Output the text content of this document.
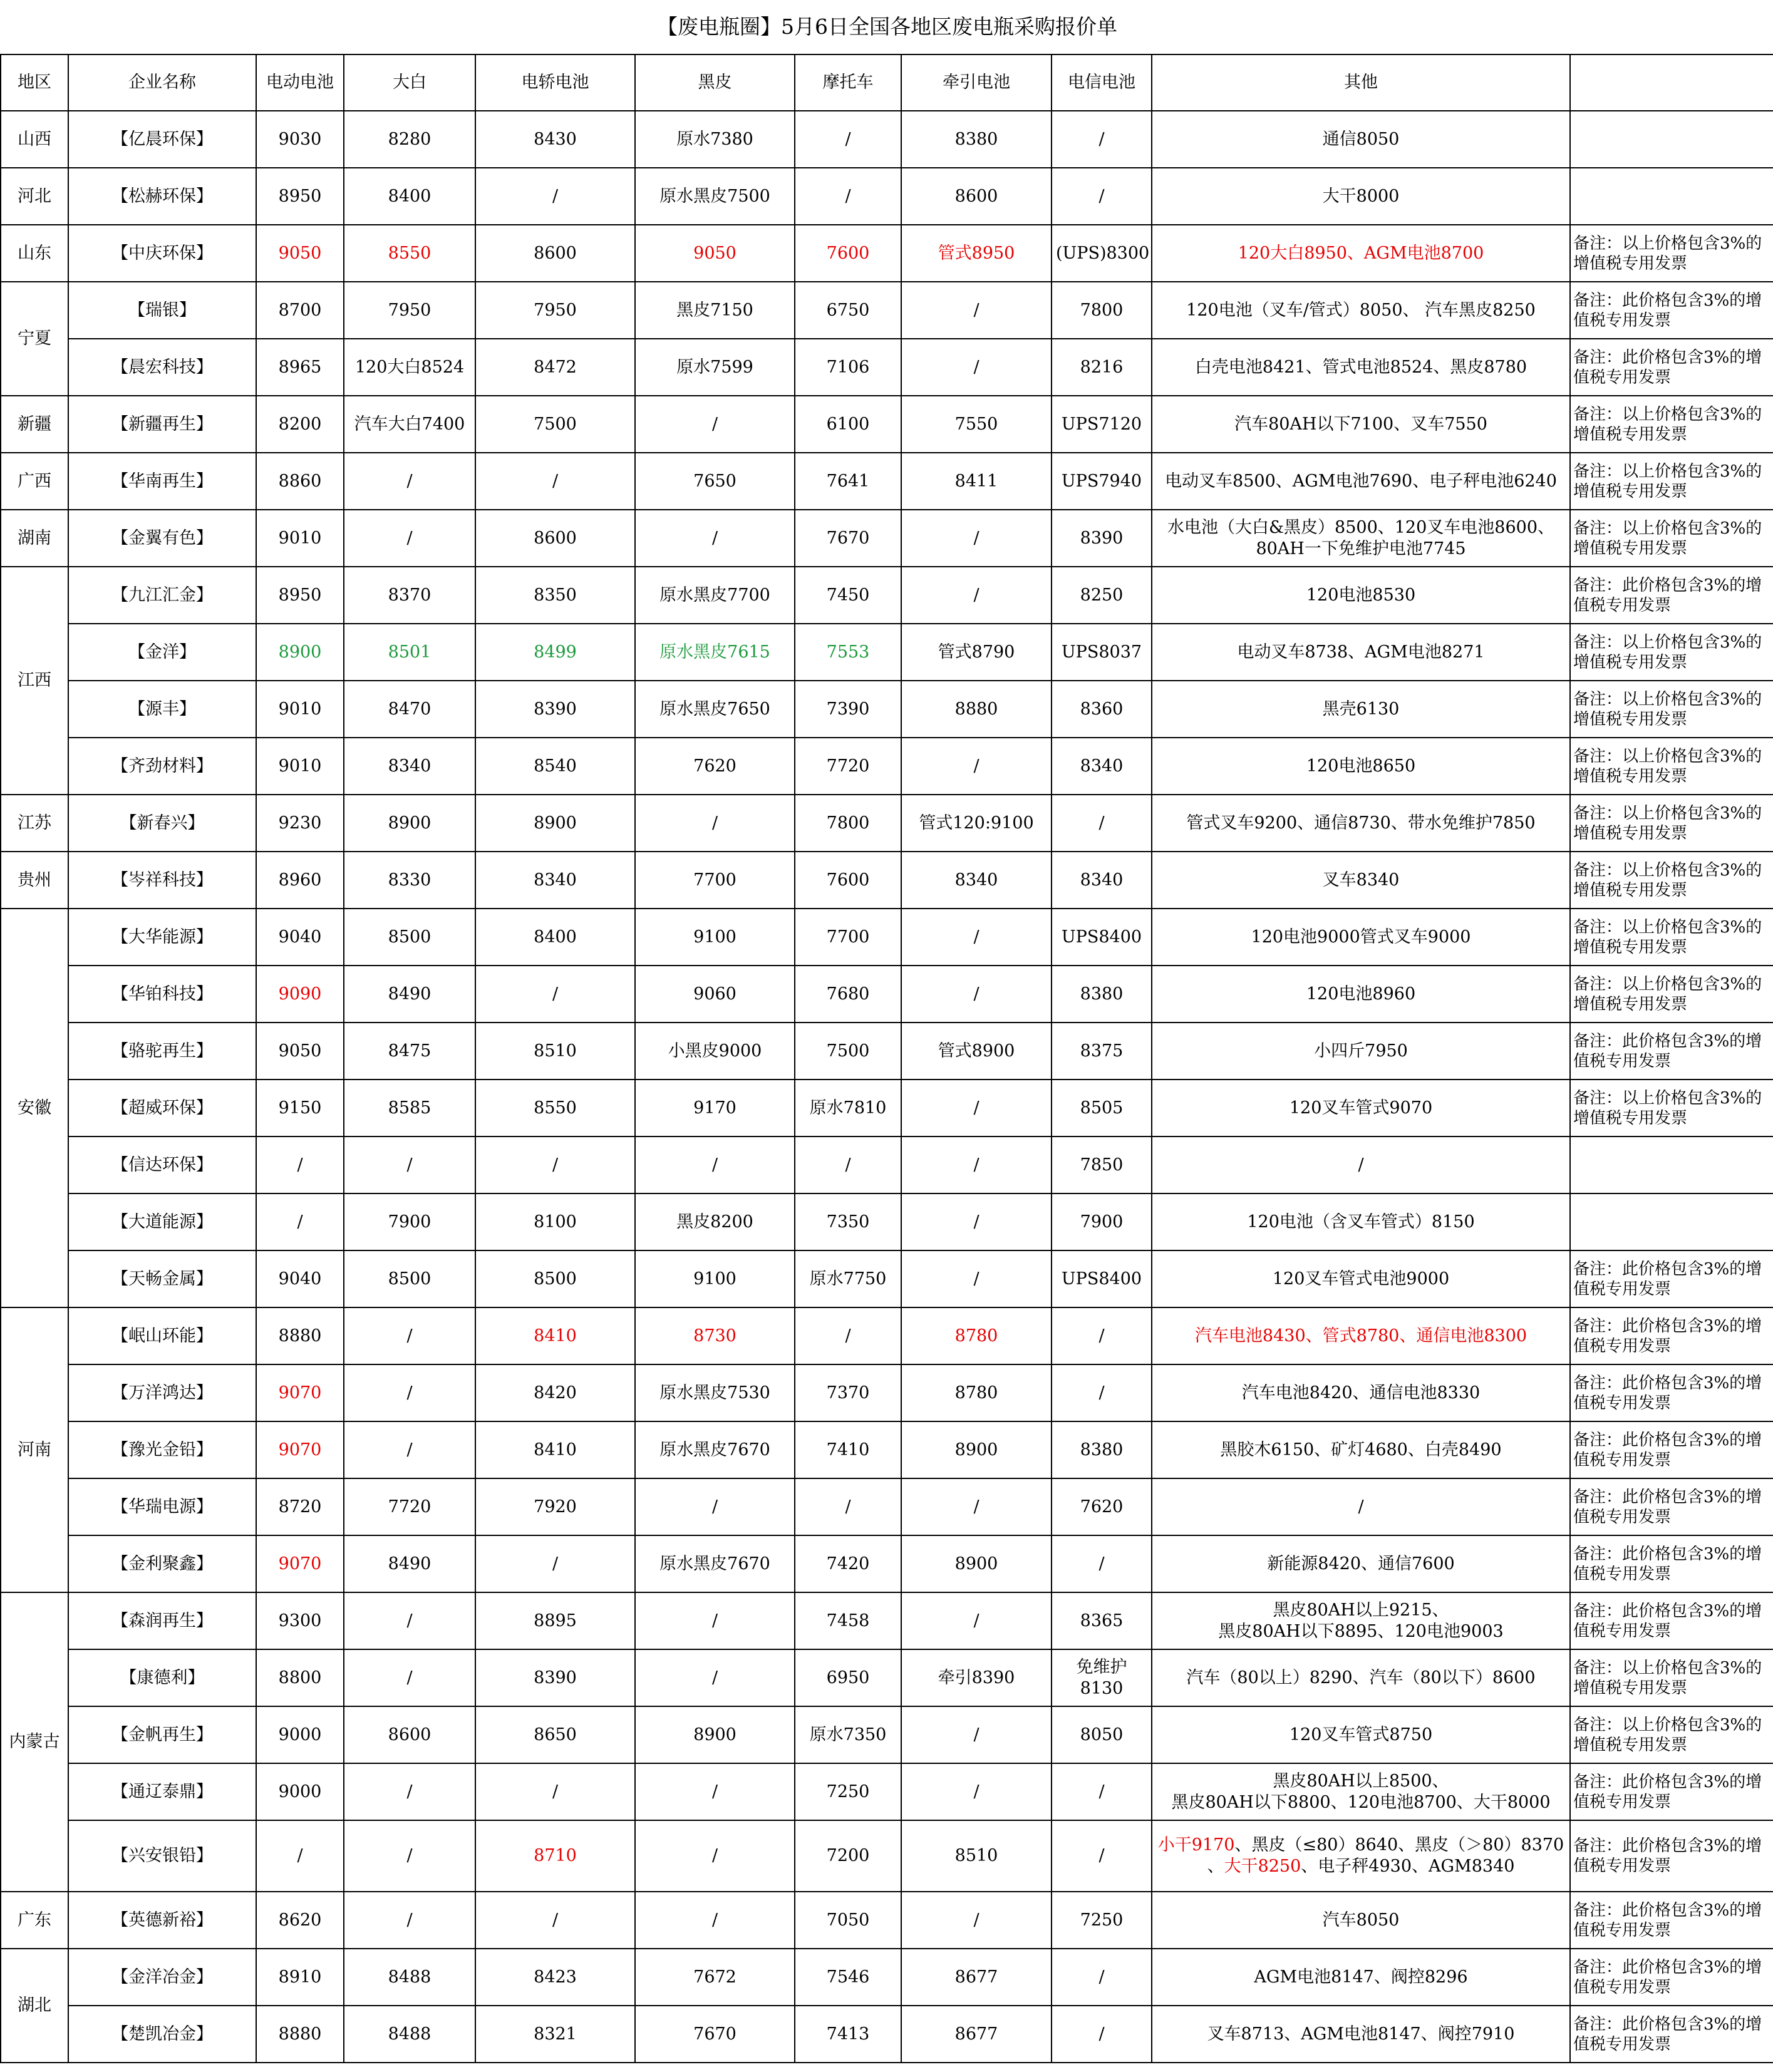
【废电瓶圈】5月6日全国各地区废电瓶采购报价单										
地区	企业名称	电动电池	大白	电轿电池	黑皮	摩托车	牵引电池	电信电池	其他	
山西	【亿晨环保】	9030	8280	8430	原水7380	/	8380	/	通信8050	
河北	【松赫环保】	8950	8400	/	原水黑皮7500	/	8600	/	大干8000	
山东	【中庆环保】	9050	8550	8600	9050	7600	管式8950	(UPS)8300	120大白8950、AGM电池8700	备注：以上价格包含3%的增值税专用发票
宁夏	【瑞银】	8700	7950	7950	黑皮7150	6750	/	7800	120电池（叉车/管式）8050、 汽车黑皮8250	备注：此价格包含3%的增值税专用发票
	【晨宏科技】	8965	120大白8524	8472	原水7599	7106	/	8216	白壳电池8421、管式电池8524、黑皮8780	备注：此价格包含3%的增值税专用发票
新疆	【新疆再生】	8200	汽车大白7400	7500	/	6100	7550	UPS7120	汽车80AH以下7100、叉车7550	备注：以上价格包含3%的增值税专用发票
广西	【华南再生】	8860	/	/	7650	7641	8411	UPS7940	电动叉车8500、AGM电池7690、电子秤电池6240	备注：以上价格包含3%的增值税专用发票
湖南	【金翼有色】	9010	/	8600	/	7670	/	8390	水电池（大白&黑皮）8500、120叉车电池8600、
80AH一下免维护电池7745	备注：以上价格包含3%的增值税专用发票
江西	【九江汇金】	8950	8370	8350	原水黑皮7700	7450	/	8250	120电池8530	备注：此价格包含3%的增值税专用发票
	【金洋】	8900	8501	8499	原水黑皮7615	7553	管式8790	UPS8037	电动叉车8738、AGM电池8271	备注：以上价格包含3%的增值税专用发票
	【源丰】	9010	8470	8390	原水黑皮7650	7390	8880	8360	黑壳6130	备注：以上价格包含3%的增值税专用发票
	【齐劲材料】	9010	8340	8540	7620	7720	/	8340	120电池8650	备注：以上价格包含3%的增值税专用发票
江苏	【新春兴】	9230	8900	8900	/	7800	管式120:9100	/	管式叉车9200、通信8730、带水免维护7850	备注：以上价格包含3%的增值税专用发票
贵州	【岑祥科技】	8960	8330	8340	7700	7600	8340	8340	叉车8340	备注：以上价格包含3%的增值税专用发票
安徽	【大华能源】	9040	8500	8400	9100	7700	/	UPS8400	120电池9000管式叉车9000	备注：以上价格包含3%的增值税专用发票
	【华铂科技】	9090	8490	/	9060	7680	/	8380	120电池8960	备注：以上价格包含3%的增值税专用发票
	【骆驼再生】	9050	8475	8510	小黑皮9000	7500	管式8900	8375	小四斤7950	备注：此价格包含3%的增值税专用发票
	【超威环保】	9150	8585	8550	9170	原水7810	/	8505	120叉车管式9070	备注：以上价格包含3%的增值税专用发票
	【信达环保】	/	/	/	/	/	/	7850	/	
	【大道能源】	/	7900	8100	黑皮8200	7350	/	7900	120电池（含叉车管式）8150	
	【天畅金属】	9040	8500	8500	9100	原水7750	/	UPS8400	120叉车管式电池9000	备注：此价格包含3%的增值税专用发票
河南	【岷山环能】	8880	/	8410	8730	/	8780	/	汽车电池8430、管式8780、通信电池8300	备注：此价格包含3%的增值税专用发票
	【万洋鸿达】	9070	/	8420	原水黑皮7530	7370	8780	/	汽车电池8420、通信电池8330	备注：此价格包含3%的增值税专用发票
	【豫光金铅】	9070	/	8410	原水黑皮7670	7410	8900	8380	黑胶木6150、矿灯4680、白壳8490	备注：此价格包含3%的增值税专用发票
	【华瑞电源】	8720	7720	7920	/	/	/	7620	/	备注：此价格包含3%的增值税专用发票
	【金利聚鑫】	9070	8490	/	原水黑皮7670	7420	8900	/	新能源8420、通信7600	备注：此价格包含3%的增值税专用发票
内蒙古	【森润再生】	9300	/	8895	/	7458	/	8365	黑皮80AH以上9215、
黑皮80AH以下8895、120电池9003	备注：此价格包含3%的增值税专用发票
	【康德利】	8800	/	8390	/	6950	牵引8390	免维护8130	汽车（80以上）8290、汽车（80以下）8600	备注：以上价格包含3%的增值税专用发票
	【金帆再生】	9000	8600	8650	8900	原水7350	/	8050	120叉车管式8750	备注：以上价格包含3%的增值税专用发票
	【通辽泰鼎】	9000	/	/	/	7250	/	/	黑皮80AH以上8500、
黑皮80AH以下8800、120电池8700、大干8000	备注：此价格包含3%的增值税专用发票
	【兴安银铅】	/	/	8710	/	7200	8510	/	小干9170、黑皮（≤80）8640、黑皮（＞80）8370
、大干8250、电子秤4930、AGM8340	备注：此价格包含3%的增值税专用发票
广东	【英德新裕】	8620	/	/	/	7050	/	7250	汽车8050	备注：此价格包含3%的增值税专用发票
湖北	【金洋冶金】	8910	8488	8423	7672	7546	8677	/	AGM电池8147、阀控8296	备注：此价格包含3%的增值税专用发票
	【楚凯冶金】	8880	8488	8321	7670	7413	8677	/	叉车8713、AGM电池8147、阀控7910	备注：此价格包含3%的增值税专用发票
